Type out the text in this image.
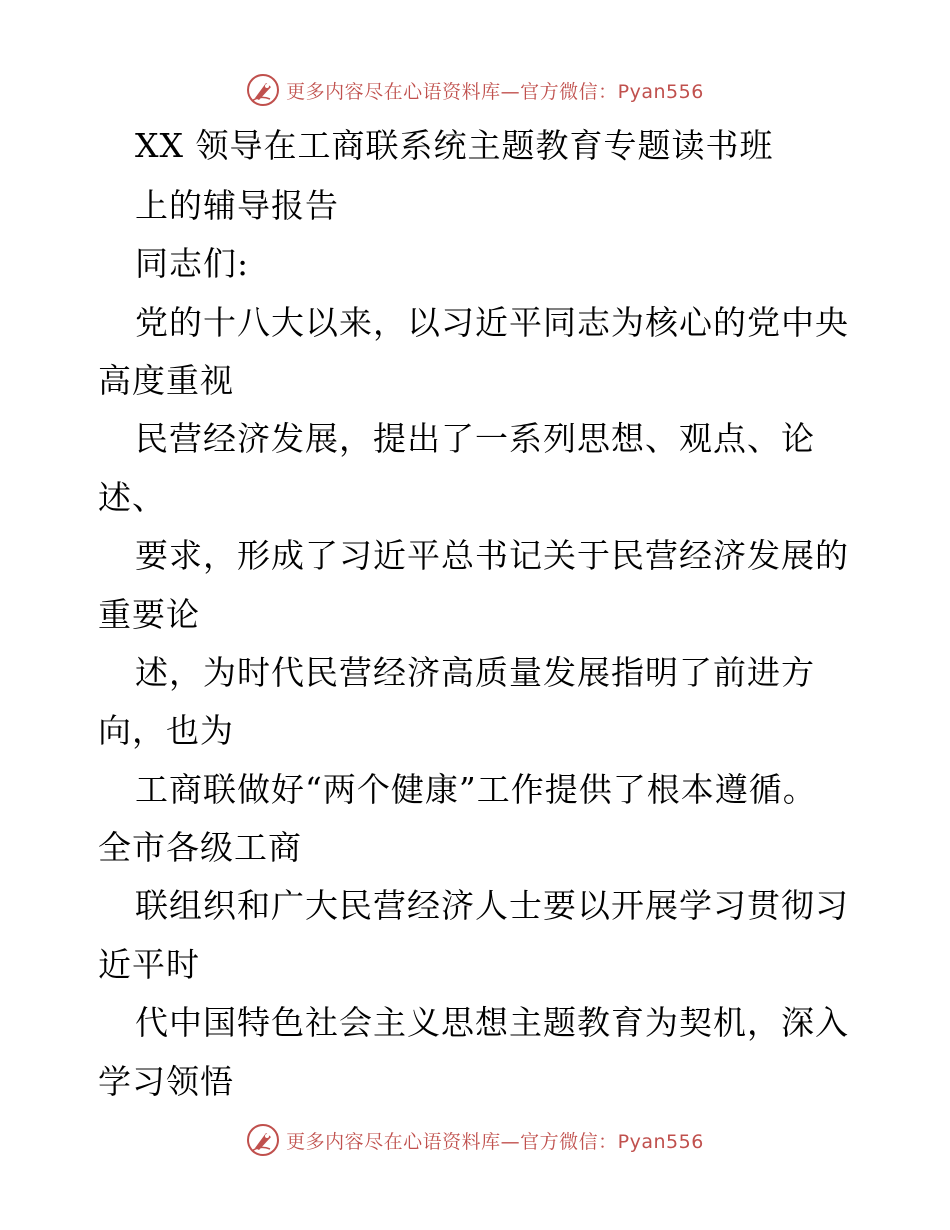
更多内容尽在心语资料库—官方微信：Pyan556
XX 领导在工商联系统主题教育专题读书班
上的辅导报告
同志们:
党的十八大以来，以习近平同志为核心的党中央
高度重视
民营经济发展，提出了一系列思想、观点、论
述、
要求，形成了习近平总书记关于民营经济发展的
重要论
述，为时代民营经济高质量发展指明了前进方
向，也为
工商联做好“两个健康”工作提供了根本遵循。
全市各级工商
联组织和广大民营经济人士要以开展学习贯彻习
近平时
代中国特色社会主义思想主题教育为契机，深入
学习领悟
更多内容尽在心语资料库—官方微信：Pyan556
